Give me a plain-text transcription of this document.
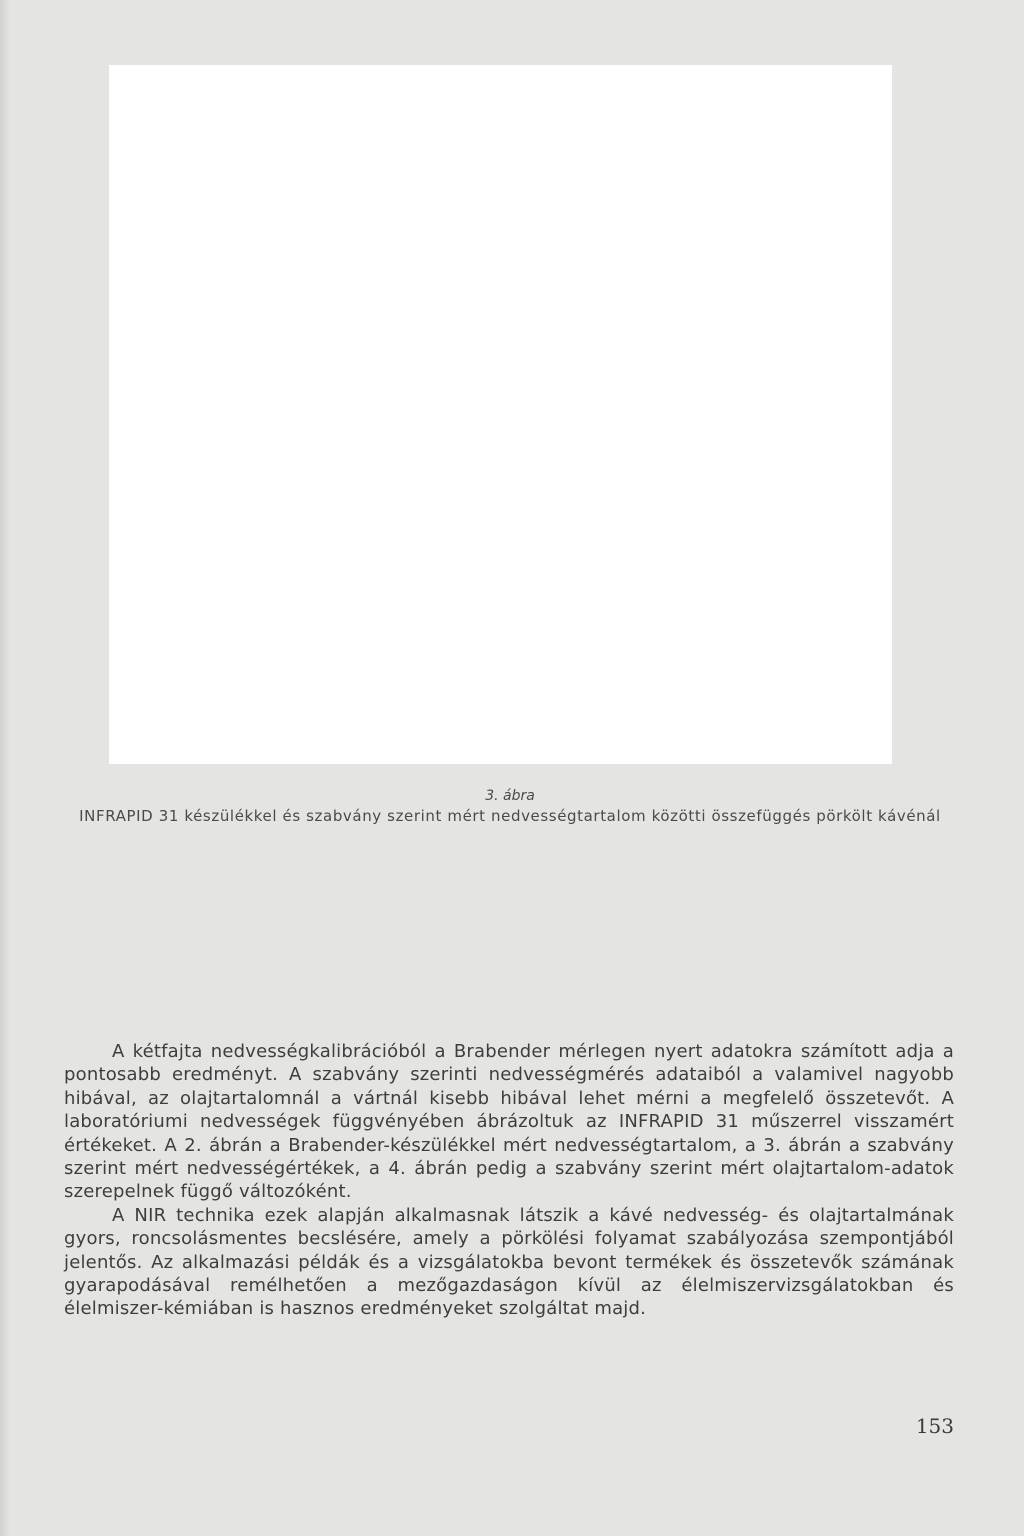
3. ábra
INFRAPID 31 készülékkel és szabvány szerint mért nedvességtartalom közötti összefüggés pörkölt kávénál

A kétfajta nedvességkalibrációból a Brabender mérlegen nyert adatokra számított adja a pontosabb eredményt. A szabvány szerinti nedvességmérés adataiból a valamivel nagyobb hibával, az olajtartalomnál a vártnál kisebb hibával lehet mérni a megfelelő összetevőt. A laboratóriumi nedvességek függvényében ábrázoltuk az INFRAPID 31 műszerrel visszamért értékeket. A 2. ábrán a Brabender-készülékkel mért nedvességtartalom, a 3. ábrán a szabvány szerint mért nedvességértékek, a 4. ábrán pedig a szabvány szerint mért olajtartalom-adatok szerepelnek függő változóként.

A NIR technika ezek alapján alkalmasnak látszik a kávé nedvesség- és olajtartalmának gyors, roncsolásmentes becslésére, amely a pörkölési folyamat szabályozása szempontjából jelentős. Az alkalmazási példák és a vizsgálatokba bevont termékek és összetevők számának gyarapodásával remélhetően a mezőgazdaságon kívül az élelmiszervizsgálatokban és élelmiszer-kémiában is hasznos eredményeket szolgáltat majd.

153
